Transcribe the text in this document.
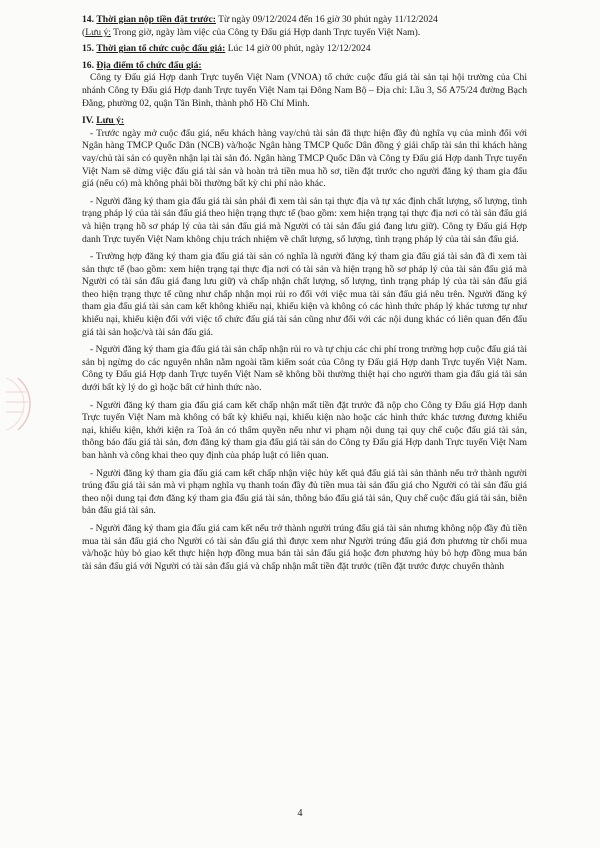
14. Thời gian nộp tiền đặt trước: Từ ngày 09/12/2024 đến 16 giờ 30 phút ngày 11/12/2024

(Lưu ý: Trong giờ, ngày làm việc của Công ty Đấu giá Hợp danh Trực tuyến Việt Nam).

15. Thời gian tổ chức cuộc đấu giá: Lúc 14 giờ 00 phút, ngày 12/12/2024

16. Địa điểm tổ chức đấu giá:

Công ty Đấu giá Hợp danh Trực tuyến Việt Nam (VNOA) tổ chức cuộc đấu giá tài sản tại hội trường của Chi nhánh Công ty Đấu giá Hợp danh Trực tuyến Việt Nam tại Đông Nam Bộ – Địa chỉ: Lầu 3, Số A75/24 đường Bạch Đằng, phường 02, quận Tân Bình, thành phố Hồ Chí Minh.

IV. Lưu ý:

- Trước ngày mở cuộc đấu giá, nếu khách hàng vay/chủ tài sản đã thực hiện đầy đủ nghĩa vụ của mình đối với Ngân hàng TMCP Quốc Dân (NCB) và/hoặc Ngân hàng TMCP Quốc Dân đồng ý giải chấp tài sản thì khách hàng vay/chủ tài sản có quyền nhận lại tài sản đó. Ngân hàng TMCP Quốc Dân và Công ty Đấu giá Hợp danh Trực tuyến Việt Nam sẽ dừng việc đấu giá tài sản và hoàn trả tiền mua hồ sơ, tiền đặt trước cho người đăng ký tham gia đấu giá (nếu có) mà không phải bồi thường bất kỳ chi phí nào khác.

- Người đăng ký tham gia đấu giá tài sản phải đi xem tài sản tại thực địa và tự xác định chất lượng, số lượng, tình trạng pháp lý của tài sản đấu giá theo hiện trạng thực tế (bao gồm: xem hiện trạng tại thực địa nơi có tài sản đấu giá và hiện trạng hồ sơ pháp lý của tài sản đấu giá mà Người có tài sản đấu giá đang lưu giữ). Công ty Đấu giá Hợp danh Trực tuyến Việt Nam không chịu trách nhiệm về chất lượng, số lượng, tình trạng pháp lý của tài sản đấu giá.

- Trường hợp đăng ký tham gia đấu giá tài sản có nghĩa là người đăng ký tham gia đấu giá tài sản đã đi xem tài sản thực tế (bao gồm: xem hiện trạng tại thực địa nơi có tài sản và hiện trạng hồ sơ pháp lý của tài sản đấu giá mà Người có tài sản đấu giá đang lưu giữ) và chấp nhận chất lượng, số lượng, tình trạng pháp lý của tài sản đấu giá theo hiện trạng thực tế cũng như chấp nhận mọi rủi ro đối với việc mua tài sản đấu giá nêu trên. Người đăng ký tham gia đấu giá tài sản cam kết không khiếu nại, khiếu kiện và không có các hình thức pháp lý khác tương tự như khiếu nại, khiếu kiện đối với việc tổ chức đấu giá tài sản cũng như đối với các nội dung khác có liên quan đến đấu giá tài sản hoặc/và tài sản đấu giá.

- Người đăng ký tham gia đấu giá tài sản chấp nhận rủi ro và tự chịu các chi phí trong trường hợp cuộc đấu giá tài sản bị ngừng do các nguyên nhân nằm ngoài tầm kiểm soát của Công ty Đấu giá Hợp danh Trực tuyến Việt Nam. Công ty Đấu giá Hợp danh Trực tuyến Việt Nam sẽ không bồi thường thiệt hại cho người tham gia đấu giá tài sản dưới bất kỳ lý do gì hoặc bất cứ hình thức nào.

- Người đăng ký tham gia đấu giá cam kết chấp nhận mất tiền đặt trước đã nộp cho Công ty Đấu giá Hợp danh Trực tuyến Việt Nam mà không có bất kỳ khiếu nại, khiếu kiện nào hoặc các hình thức khác tương đương khiếu nại, khiếu kiện, khởi kiện ra Toà án có thẩm quyền nếu như vi phạm nội dung tại quy chế cuộc đấu giá tài sản, thông báo đấu giá tài sản, đơn đăng ký tham gia đấu giá tài sản do Công ty Đấu giá Hợp danh Trực tuyến Việt Nam ban hành và công khai theo quy định của pháp luật có liên quan.

- Người đăng ký tham gia đấu giá cam kết chấp nhận việc hủy kết quả đấu giá tài sản thành nếu trở thành người trúng đấu giá tài sản mà vi phạm nghĩa vụ thanh toán đầy đủ tiền mua tài sản đấu giá cho Người có tài sản đấu giá theo nội dung tại đơn đăng ký tham gia đấu giá tài sản, thông báo đấu giá tài sản, Quy chế cuộc đấu giá tài sản, biên bản đấu giá tài sản.

- Người đăng ký tham gia đấu giá cam kết nếu trở thành người trúng đấu giá tài sản nhưng không nộp đầy đủ tiền mua tài sản đấu giá cho Người có tài sản đấu giá thì được xem như Người trúng đấu giá đơn phương từ chối mua và/hoặc hủy bỏ giao kết thực hiện hợp đồng mua bán tài sản đấu giá hoặc đơn phương hủy bỏ hợp đồng mua bán tài sản đấu giá với Người có tài sản đấu giá và chấp nhận mất tiền đặt trước (tiền đặt trước được chuyển thành

4
